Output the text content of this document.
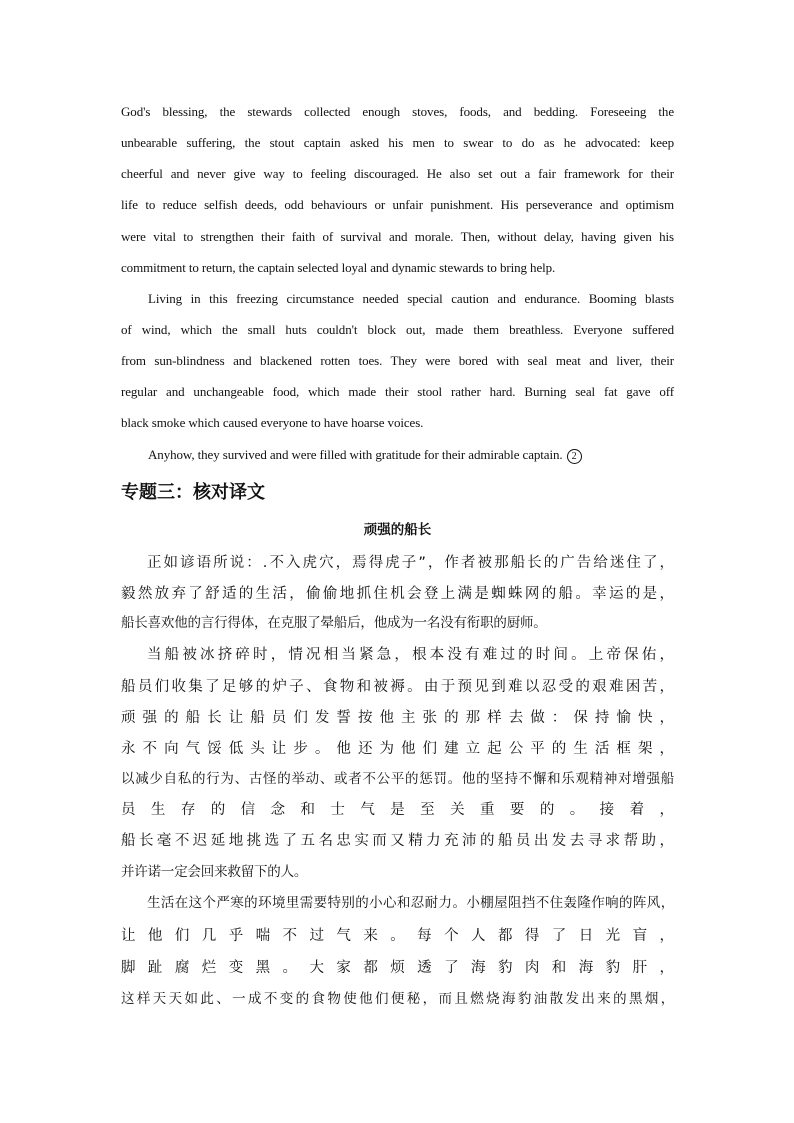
God's blessing, the stewards collected enough stoves, foods, and bedding. Foreseeing the
unbearable suffering, the stout captain asked his men to swear to do as he advocated: keep
cheerful and never give way to feeling discouraged. He also set out a fair framework for their
life to reduce selfish deeds, odd behaviours or unfair punishment. His perseverance and optimism
were vital to strengthen their faith of survival and morale. Then, without delay, having given his
commitment to return, the captain selected loyal and dynamic stewards to bring help.
Living in this freezing circumstance needed special caution and endurance. Booming blasts
of wind, which the small huts couldn't block out, made them breathless. Everyone suffered
from sun-blindness and blackened rotten toes. They were bored with seal meat and liver, their
regular and unchangeable food, which made their stool rather hard. Burning seal fat gave off
black smoke which caused everyone to have hoarse voices.
Anyhow, they survived and were filled with gratitude for their admirable captain. 2
专题三：核对译文
顽强的船长
正如谚语所说：.不入虎穴，焉得虎子”，作者被那船长的广告给迷住了，
毅然放弃了舒适的生活，偷偷地抓住机会登上满是蜘蛛网的船。幸运的是，
船长喜欢他的言行得体，在克服了晕船后，他成为一名没有衔职的厨师。
当船被冰挤碎时，情况相当紧急，根本没有难过的时间。上帝保佑，
船员们收集了足够的炉子、食物和被褥。由于预见到难以忍受的艰难困苦，
顽强的船长让船员们发誓按他主张的那样去做：保持愉快，
永不向气馁低头让步。他还为他们建立起公平的生活框架，
以减少自私的行为、古怪的举动、或者不公平的惩罚。他的坚持不懈和乐观精神对增强船
员生存的信念和士气是至关重要的。接着，
船长毫不迟延地挑选了五名忠实而又精力充沛的船员出发去寻求帮助，
并许诺一定会回来救留下的人。
生活在这个严寒的环境里需要特别的小心和忍耐力。小棚屋阻挡不住轰隆作响的阵风，
让他们几乎喘不过气来。每个人都得了日光盲，
脚趾腐烂变黑。大家都烦透了海豹肉和海豹肝，
这样天天如此、一成不变的食物使他们便秘，而且燃烧海豹油散发出来的黑烟，
